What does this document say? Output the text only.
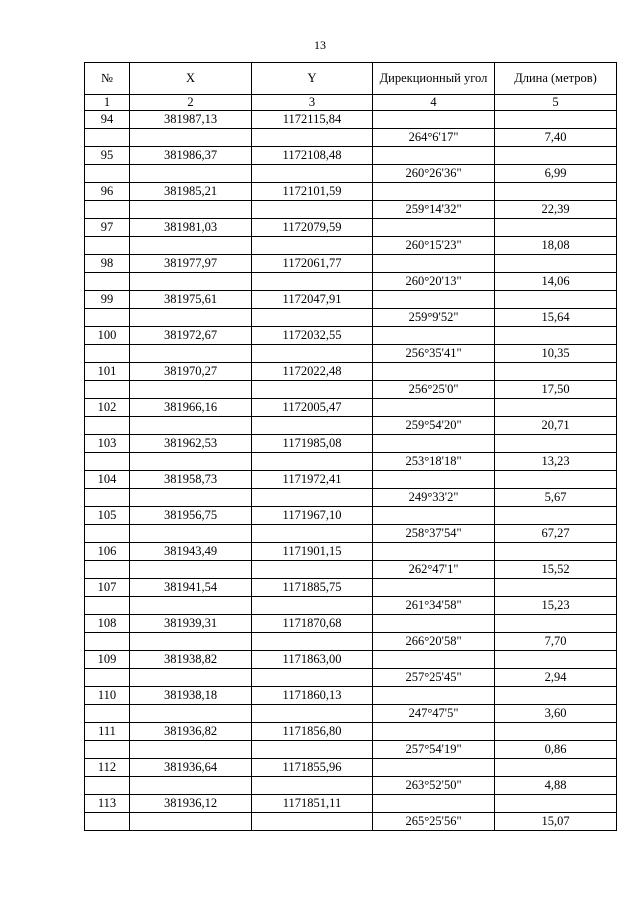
13
№	X	Y	Дирекционный угол	Длина (метров)
1	2	3	4	5
94	381987,13	1172115,84		
			264°6'17"	7,40
95	381986,37	1172108,48		
			260°26'36"	6,99
96	381985,21	1172101,59		
			259°14'32"	22,39
97	381981,03	1172079,59		
			260°15'23"	18,08
98	381977,97	1172061,77		
			260°20'13"	14,06
99	381975,61	1172047,91		
			259°9'52"	15,64
100	381972,67	1172032,55		
			256°35'41"	10,35
101	381970,27	1172022,48		
			256°25'0"	17,50
102	381966,16	1172005,47		
			259°54'20"	20,71
103	381962,53	1171985,08		
			253°18'18"	13,23
104	381958,73	1171972,41		
			249°33'2"	5,67
105	381956,75	1171967,10		
			258°37'54"	67,27
106	381943,49	1171901,15		
			262°47'1"	15,52
107	381941,54	1171885,75		
			261°34'58"	15,23
108	381939,31	1171870,68		
			266°20'58"	7,70
109	381938,82	1171863,00		
			257°25'45"	2,94
110	381938,18	1171860,13		
			247°47'5"	3,60
111	381936,82	1171856,80		
			257°54'19"	0,86
112	381936,64	1171855,96		
			263°52'50"	4,88
113	381936,12	1171851,11		
			265°25'56"	15,07
